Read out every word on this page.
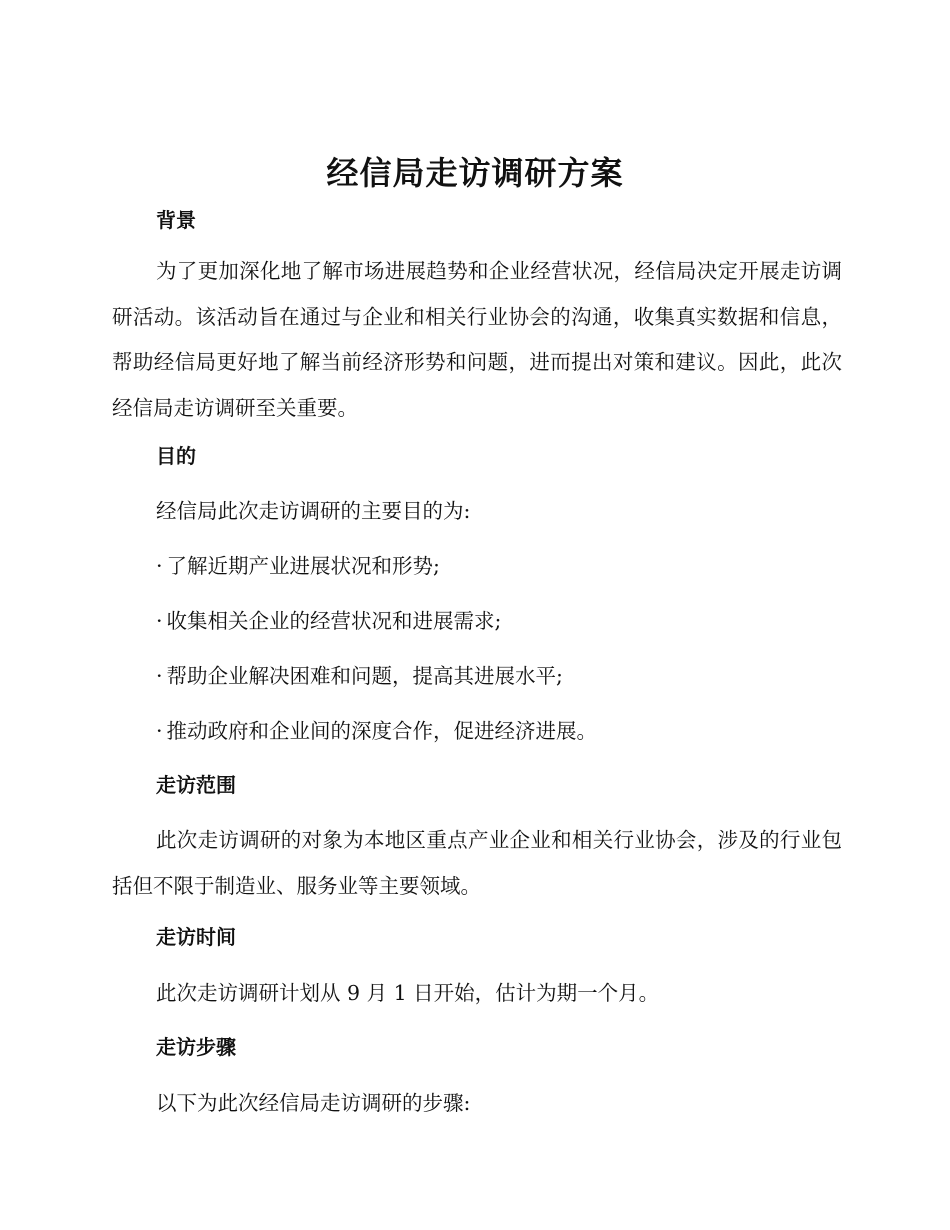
经信局走访调研方案
背景
为了更加深化地了解市场进展趋势和企业经营状况，经信局决定开展走访调研活动。该活动旨在通过与企业和相关行业协会的沟通，收集真实数据和信息，帮助经信局更好地了解当前经济形势和问题，进而提出对策和建议。因此，此次经信局走访调研至关重要。
目的
经信局此次走访调研的主要目的为:
· 了解近期产业进展状况和形势;
· 收集相关企业的经营状况和进展需求;
· 帮助企业解决困难和问题，提高其进展水平;
· 推动政府和企业间的深度合作，促进经济进展。
走访范围
此次走访调研的对象为本地区重点产业企业和相关行业协会，涉及的行业包括但不限于制造业、服务业等主要领域。
走访时间
此次走访调研计划从 9 月 1 日开始，估计为期一个月。
走访步骤
以下为此次经信局走访调研的步骤:
